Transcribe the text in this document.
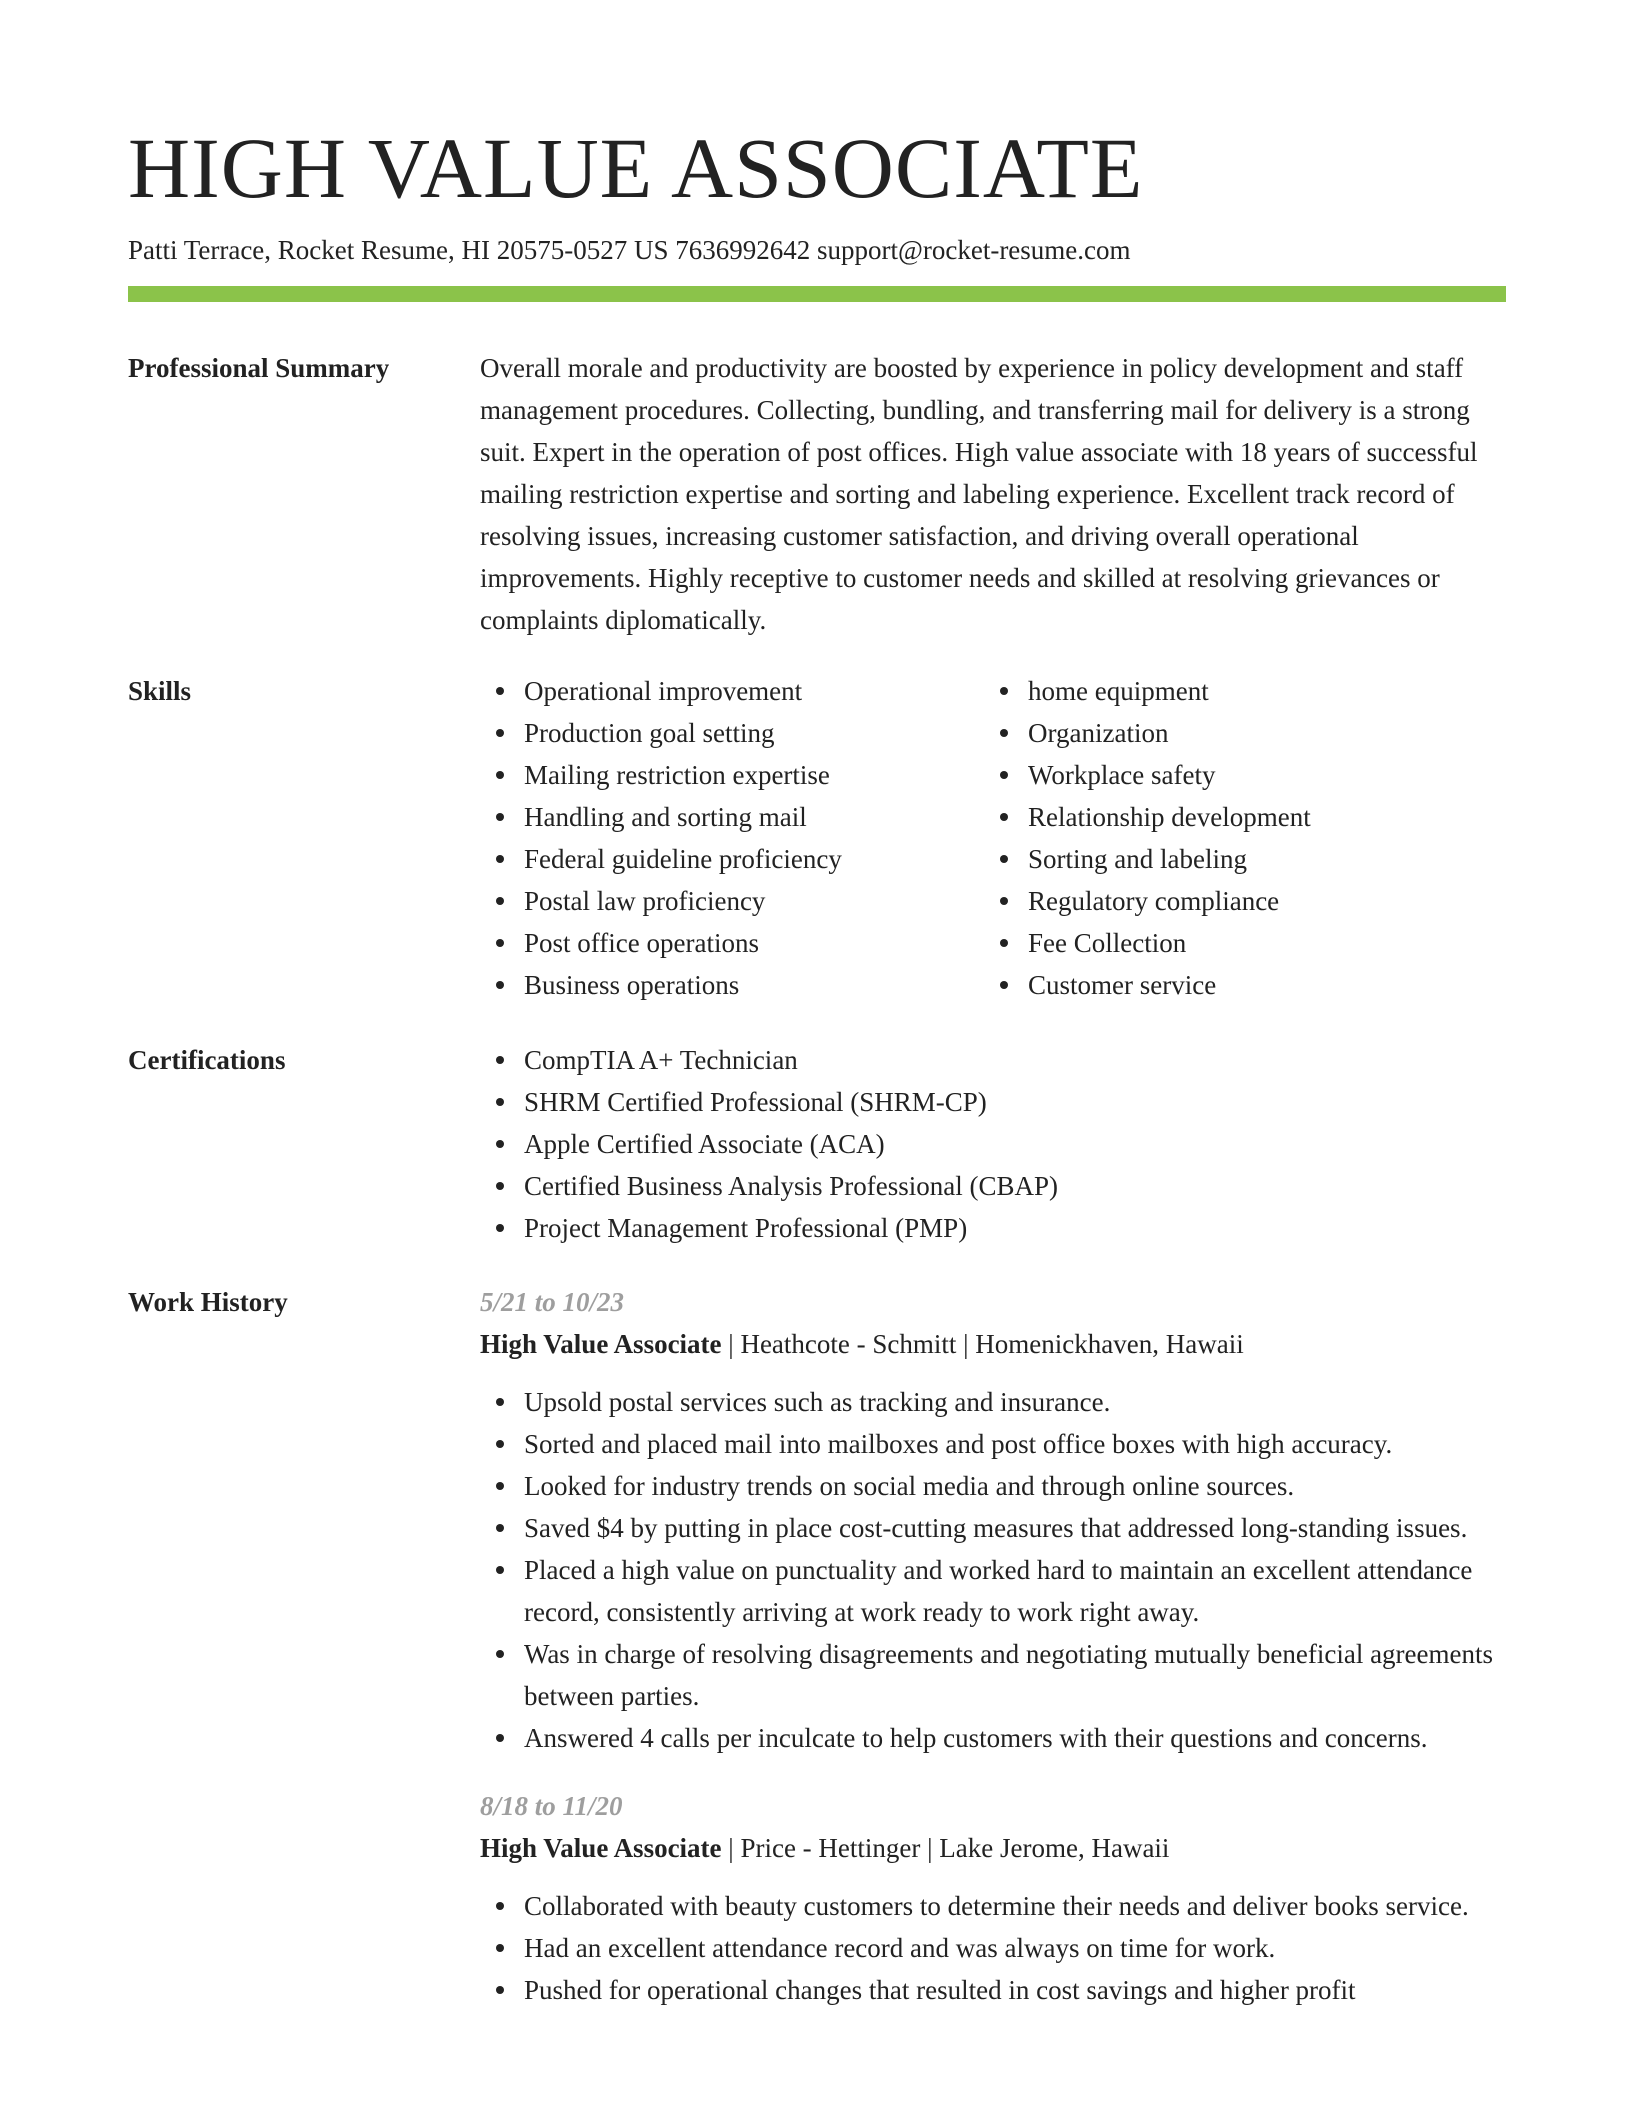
HIGH VALUE ASSOCIATE
Patti Terrace, Rocket Resume, HI 20575-0527 US 7636992642 support@rocket-resume.com
Professional Summary	Overall morale and productivity are boosted by experience in policy development and staff management procedures. Collecting, bundling, and transferring mail for delivery is a strong suit. Expert in the operation of post offices. High value associate with 18 years of successful mailing restriction expertise and sorting and labeling experience. Excellent track record of resolving issues, increasing customer satisfaction, and driving overall operational improvements. Highly receptive to customer needs and skilled at resolving grievances or complaints diplomatically.

Skills	Operational improvement
Production goal setting
Mailing restriction expertise
Handling and sorting mail
Federal guideline proficiency
Postal law proficiency
Post office operations
Business operations
home equipment
Organization
Workplace safety
Relationship development
Sorting and labeling
Regulatory compliance
Fee Collection
Customer service
Certifications	CompTIA A+ Technician
SHRM Certified Professional (SHRM-CP)
Apple Certified Associate (ACA)
Certified Business Analysis Professional (CBAP)
Project Management Professional (PMP)
Work History	5/21 to 10/23
High Value Associate | Heathcote - Schmitt | Homenickhaven, Hawaii
Upsold postal services such as tracking and insurance.
Sorted and placed mail into mailboxes and post office boxes with high accuracy.
Looked for industry trends on social media and through online sources.
Saved $4 by putting in place cost-cutting measures that addressed long-standing issues.
Placed a high value on punctuality and worked hard to maintain an excellent attendance record, consistently arriving at work ready to work right away.
Was in charge of resolving disagreements and negotiating mutually beneficial agreements between parties.
Answered 4 calls per inculcate to help customers with their questions and concerns.
8/18 to 11/20
High Value Associate | Price - Hettinger | Lake Jerome, Hawaii
Collaborated with beauty customers to determine their needs and deliver books service.
Had an excellent attendance record and was always on time for work.
Pushed for operational changes that resulted in cost savings and higher profit
